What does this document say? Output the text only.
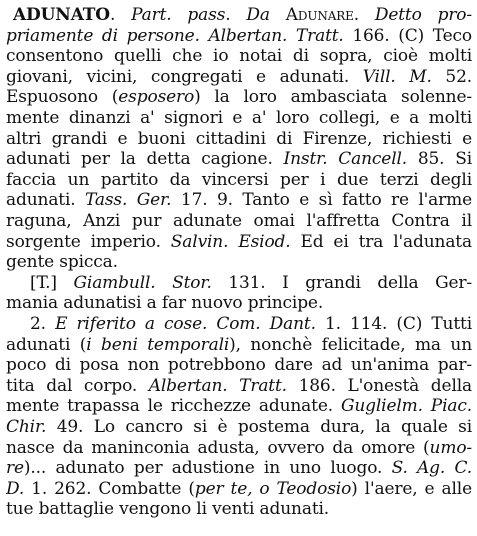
ADUNATO. Part. pass. Da Adunare. Detto pro-
priamente di persone. Albertan. Tratt. 166. (C) Teco
consentono quelli che io notai di sopra, cioè molti
giovani, vicini, congregati e adunati. Vill. M. 52.
Espuosono (esposero) la loro ambasciata solenne-
mente dinanzi a' signori e a' loro collegi, e a molti
altri grandi e buoni cittadini di Firenze, richiesti e
adunati per la detta cagione. Instr. Cancell. 85. Si
faccia un partito da vincersi per i due terzi degli
adunati. Tass. Ger. 17. 9. Tanto e sì fatto re l'arme
raguna, Anzi pur adunate omai l'affretta Contra il
sorgente imperio. Salvin. Esiod. Ed ei tra l'adunata
gente spicca.
[T.] Giambull. Stor. 131. I grandi della Ger-
mania adunatisi a far nuovo principe.
2. E riferito a cose. Com. Dant. 1. 114. (C) Tutti
adunati (i beni temporali), nonchè felicitade, ma un
poco di posa non potrebbono dare ad un'anima par-
tita dal corpo. Albertan. Tratt. 186. L'onestà della
mente trapassa le ricchezze adunate. Guglielm. Piac.
Chir. 49. Lo cancro si è postema dura, la quale si
nasce da maninconia adusta, ovvero da omore (umo-
re)... adunato per adustione in uno luogo. S. Ag. C.
D. 1. 262. Combatte (per te, o Teodosio) l'aere, e alle
tue battaglie vengono li venti adunati.
